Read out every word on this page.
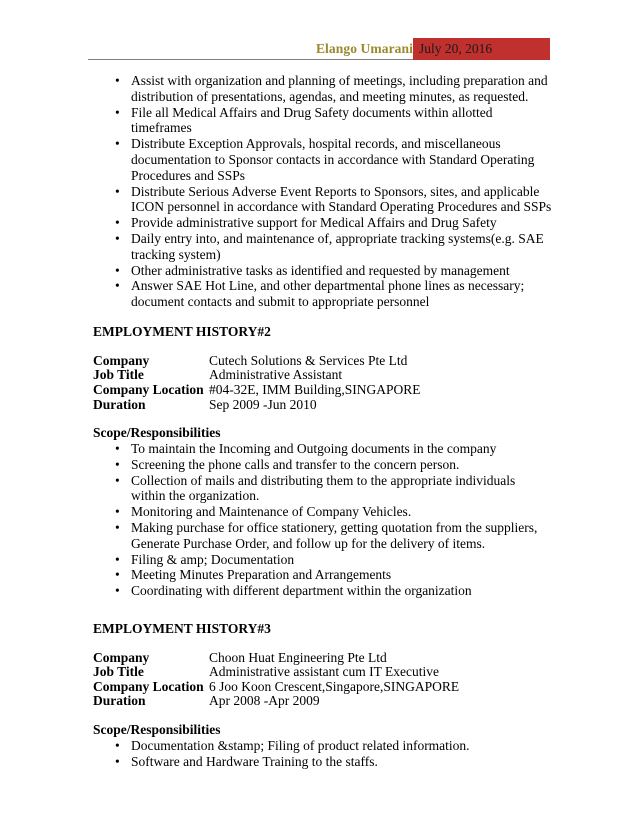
Elango Umarani July 20, 2016
• Assist with organization and planning of meetings, including preparation and distribution of presentations, agendas, and meeting minutes, as requested.
• File all Medical Affairs and Drug Safety documents within allotted timeframes
• Distribute Exception Approvals, hospital records, and miscellaneous documentation to Sponsor contacts in accordance with Standard Operating Procedures and SSPs
• Distribute Serious Adverse Event Reports to Sponsors, sites, and applicable ICON personnel in accordance with Standard Operating Procedures and SSPs
• Provide administrative support for Medical Affairs and Drug Safety
• Daily entry into, and maintenance of, appropriate tracking systems(e.g. SAE tracking system)
• Other administrative tasks as identified and requested by management
• Answer SAE Hot Line, and other departmental phone lines as necessary; document contacts and submit to appropriate personnel
EMPLOYMENT HISTORY#2
Company	Cutech Solutions & Services Pte Ltd
Job Title	Administrative Assistant
Company Location	#04-32E, IMM Building,SINGAPORE
Duration	Sep 2009 -Jun 2010
Scope/Responsibilities
• To maintain the Incoming and Outgoing documents in the company
• Screening the phone calls and transfer to the concern person.
• Collection of mails and distributing them to the appropriate individuals within the organization.
• Monitoring and Maintenance of Company Vehicles.
• Making purchase for office stationery, getting quotation from the suppliers, Generate Purchase Order, and follow up for the delivery of items.
• Filing & amp; Documentation
• Meeting Minutes Preparation and Arrangements
• Coordinating with different department within the organization
EMPLOYMENT HISTORY#3
Company	Choon Huat Engineering Pte Ltd
Job Title	Administrative assistant cum IT Executive
Company Location	6 Joo Koon Crescent,Singapore,SINGAPORE
Duration	Apr 2008 -Apr 2009
Scope/Responsibilities
• Documentation &stamp; Filing of product related information.
• Software and Hardware Training to the staffs.
